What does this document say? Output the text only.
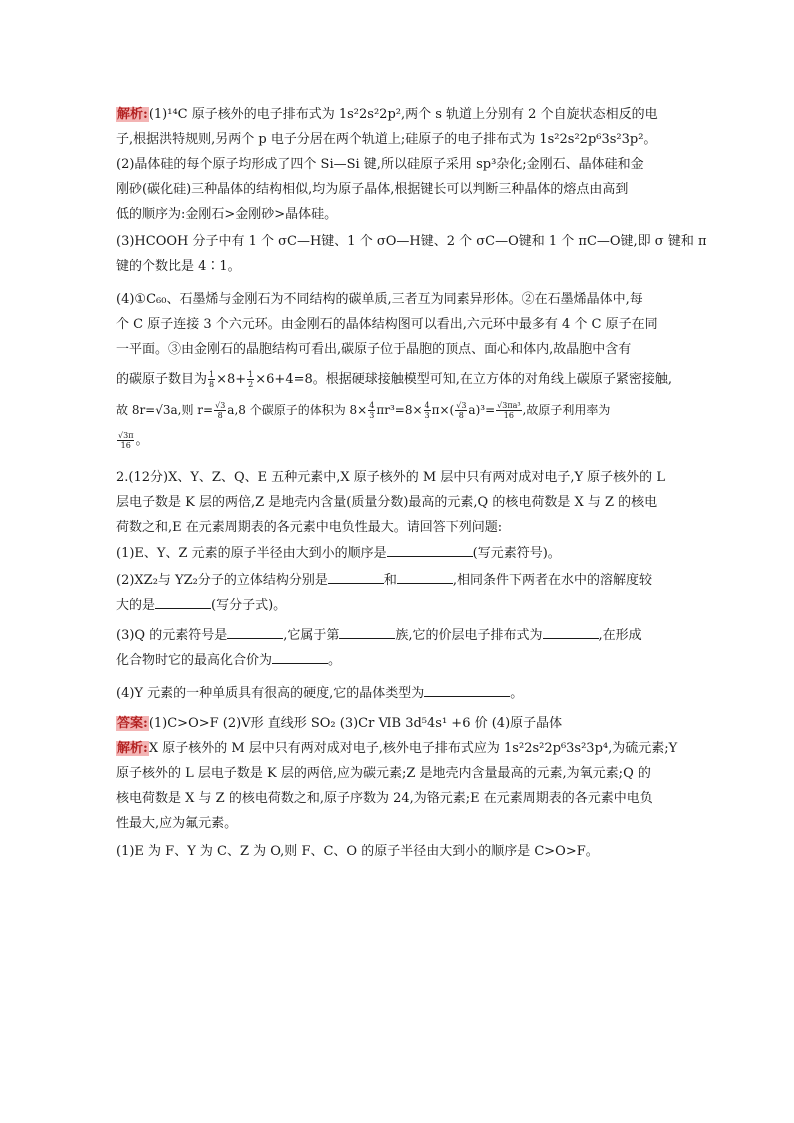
解析:(1)¹⁴C 原子核外的电子排布式为 1s²2s²2p²,两个 s 轨道上分别有 2 个自旋状态相反的电
子,根据洪特规则,另两个 p 电子分居在两个轨道上;硅原子的电子排布式为 1s²2s²2p⁶3s²3p²。
(2)晶体硅的每个原子均形成了四个 Si—Si 键,所以硅原子采用 sp³杂化;金刚石、晶体硅和金
刚砂(碳化硅)三种晶体的结构相似,均为原子晶体,根据键长可以判断三种晶体的熔点由高到
低的顺序为:金刚石>金刚砂>晶体硅。
(3)HCOOH 分子中有 1 个 σC—H键、1 个 σO—H键、2 个 σC—O键和 1 个 πC—O键,即 σ 键和 π
键的个数比是 4∶1。
(4)①C₆₀、石墨烯与金刚石为不同结构的碳单质,三者互为同素异形体。②在石墨烯晶体中,每
个 C 原子连接 3 个六元环。由金刚石的晶体结构图可以看出,六元环中最多有 4 个 C 原子在同
一平面。③由金刚石的晶胞结构可看出,碳原子位于晶胞的顶点、面心和体内,故晶胞中含有
的碳原子数目为 $\frac{1}{8} \times 8+ \frac{1}{2} \times 6+4=8$。根据硬球接触模型可知,在立方体的对角线上碳原子紧密接触,
故 8r=√3a,则 $r= \frac{√3}{8} a,8$ 个碳原子的体积为 $8\times \frac{4}{3} \pi r^3=8\times \frac{4}{3} \pi\times( \frac{√3}{8} a)^3= \frac{\text{√3πa³}}{16}$ ,故原子利用率为
$\frac{√3\pi}{16}$ 。
2.(12分)X、Y、Z、Q、E 五种元素中,X 原子核外的 M 层中只有两对成对电子,Y 原子核外的 L
层电子数是 K 层的两倍,Z 是地壳内含量(质量分数)最高的元素,Q 的核电荷数是 X 与 Z 的核电
荷数之和,E 在元素周期表的各元素中电负性最大。请回答下列问题:
(1)E、Y、Z 元素的原子半径由大到小的顺序是	(写元素符号)。
(2)XZ₂与 YZ₂分子的立体结构分别是	和	,相同条件下两者在水中的溶解度较
大的是	(写分子式)。
(3)Q 的元素符号是	,它属于第	族,它的价层电子排布式为	,在形成
化合物时它的最高化合价为	。
(4)Y 元素的一种单质具有很高的硬度,它的晶体类型为	。
答案:(1)C>O>F (2)V形 直线形 SO₂ (3)Cr ⅥB 3d⁵4s¹ +6 价 (4)原子晶体
解析:X 原子核外的 M 层中只有两对成对电子,核外电子排布式应为 1s²2s²2p⁶3s²3p⁴,为硫元素;Y
原子核外的 L 层电子数是 K 层的两倍,应为碳元素;Z 是地壳内含量最高的元素,为氧元素;Q 的
核电荷数是 X 与 Z 的核电荷数之和,原子序数为 24,为铬元素;E 在元素周期表的各元素中电负
性最大,应为氟元素。
(1)E 为 F、Y 为 C、Z 为 O,则 F、C、O 的原子半径由大到小的顺序是 C>O>F。
